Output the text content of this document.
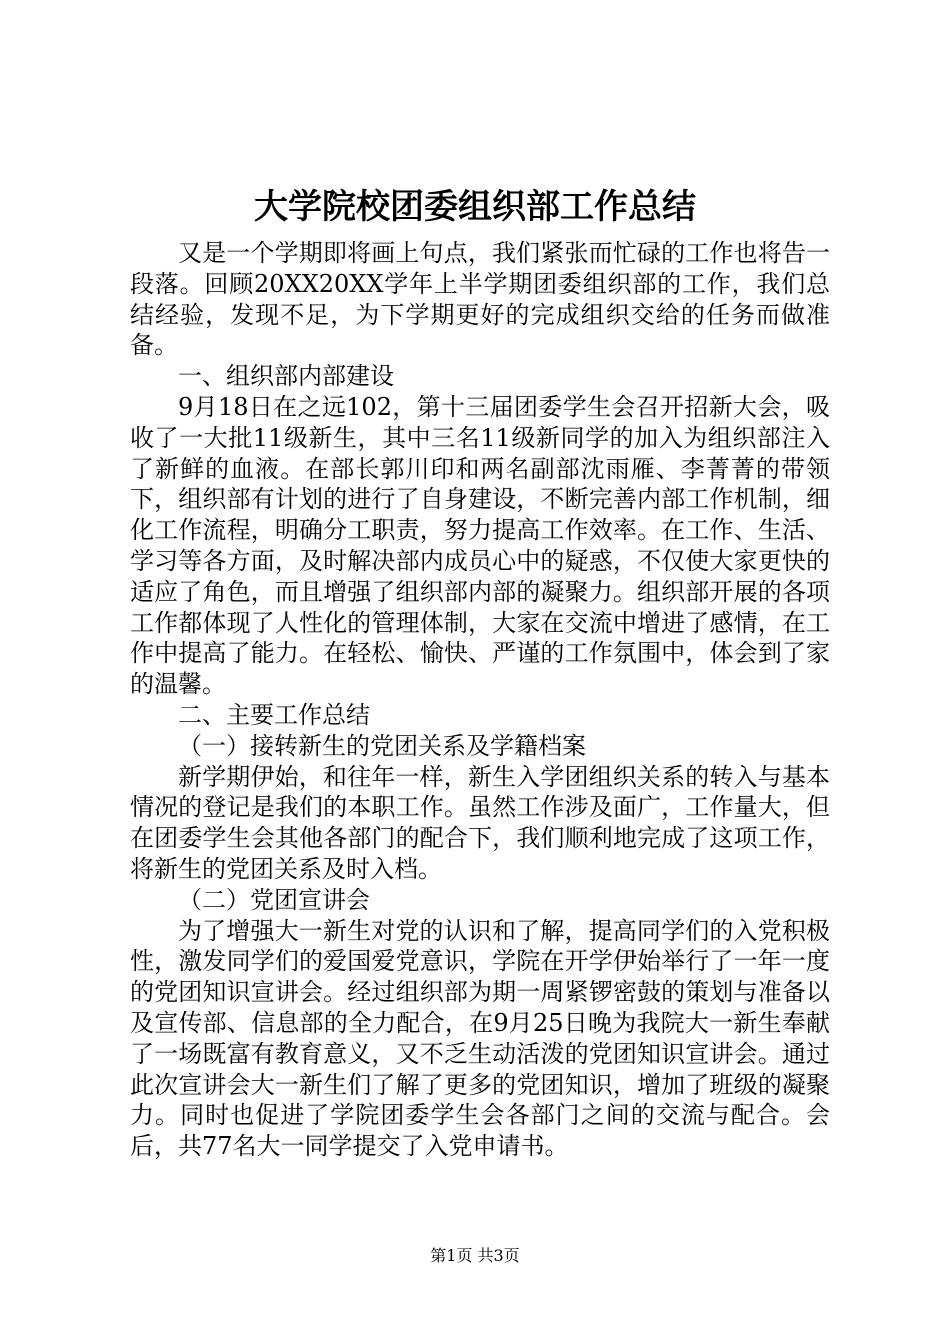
大学院校团委组织部工作总结

又是一个学期即将画上句点，我们紧张而忙碌的工作也将告一段落。回顾20XX20XX学年上半学期团委组织部的工作，我们总结经验，发现不足，为下学期更好的完成组织交给的任务而做准备。

一、组织部内部建设

9月18日在之远102，第十三届团委学生会召开招新大会，吸收了一大批11级新生，其中三名11级新同学的加入为组织部注入了新鲜的血液。在部长郭川印和两名副部沈雨雁、李菁菁的带领下，组织部有计划的进行了自身建设，不断完善内部工作机制，细化工作流程，明确分工职责，努力提高工作效率。在工作、生活、学习等各方面，及时解决部内成员心中的疑惑，不仅使大家更快的适应了角色，而且增强了组织部内部的凝聚力。组织部开展的各项工作都体现了人性化的管理体制，大家在交流中增进了感情，在工作中提高了能力。在轻松、愉快、严谨的工作氛围中，体会到了家的温馨。

二、主要工作总结

（一）接转新生的党团关系及学籍档案

新学期伊始，和往年一样，新生入学团组织关系的转入与基本情况的登记是我们的本职工作。虽然工作涉及面广，工作量大，但在团委学生会其他各部门的配合下，我们顺利地完成了这项工作，将新生的党团关系及时入档。

（二）党团宣讲会

为了增强大一新生对党的认识和了解，提高同学们的入党积极性，激发同学们的爱国爱党意识，学院在开学伊始举行了一年一度的党团知识宣讲会。经过组织部为期一周紧锣密鼓的策划与准备以及宣传部、信息部的全力配合，在9月25日晚为我院大一新生奉献了一场既富有教育意义，又不乏生动活泼的党团知识宣讲会。通过此次宣讲会大一新生们了解了更多的党团知识，增加了班级的凝聚力。同时也促进了学院团委学生会各部门之间的交流与配合。会后，共77名大一同学提交了入党申请书。

第1页 共3页
